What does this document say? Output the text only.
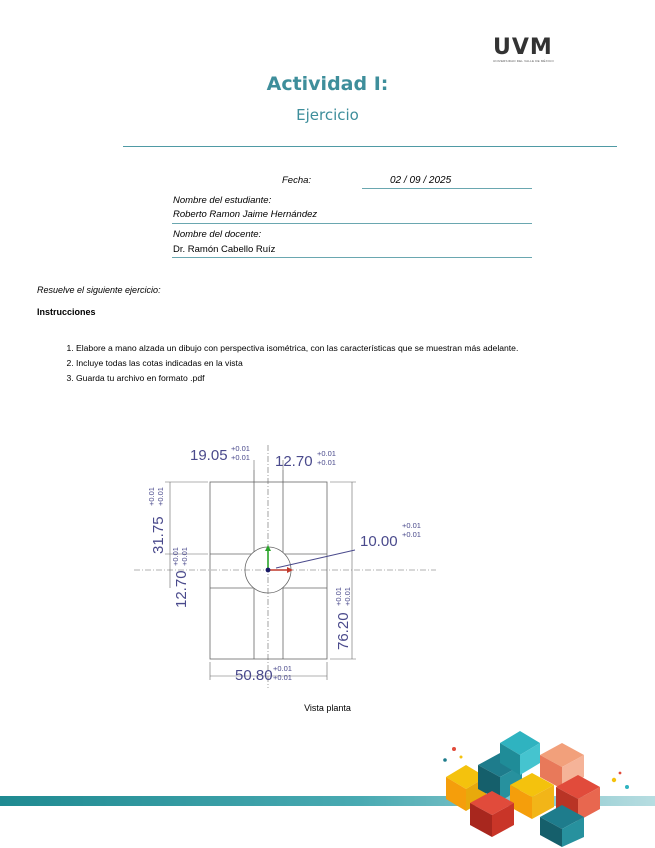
UVM
UNIVERSIDAD DEL VALLE DE MÉXICO
Actividad I:
Ejercicio
Fecha:	02 / 09 / 2025
Nombre del estudiante:
Roberto Ramon Jaime Hernández
Nombre del docente:
Dr. Ramón Cabello Ruíz
Resuelve el siguiente ejercicio:
Instrucciones
1. Elabore a mano alzada un dibujo con perspectiva isométrica, con las características que se muestran más adelante.
2. Incluye todas las cotas indicadas en la vista
3. Guarda tu archivo en formato .pdf
19.05 +0.01
+0.01 12.70 +0.01
+0.01
10.00
+0.01
+0.01
50.80 +0.01
+0.01
31.75
+0.01 +0.01
12.70
+0.01 +0.01
76.20
+0.01 +0.01
Vista planta
